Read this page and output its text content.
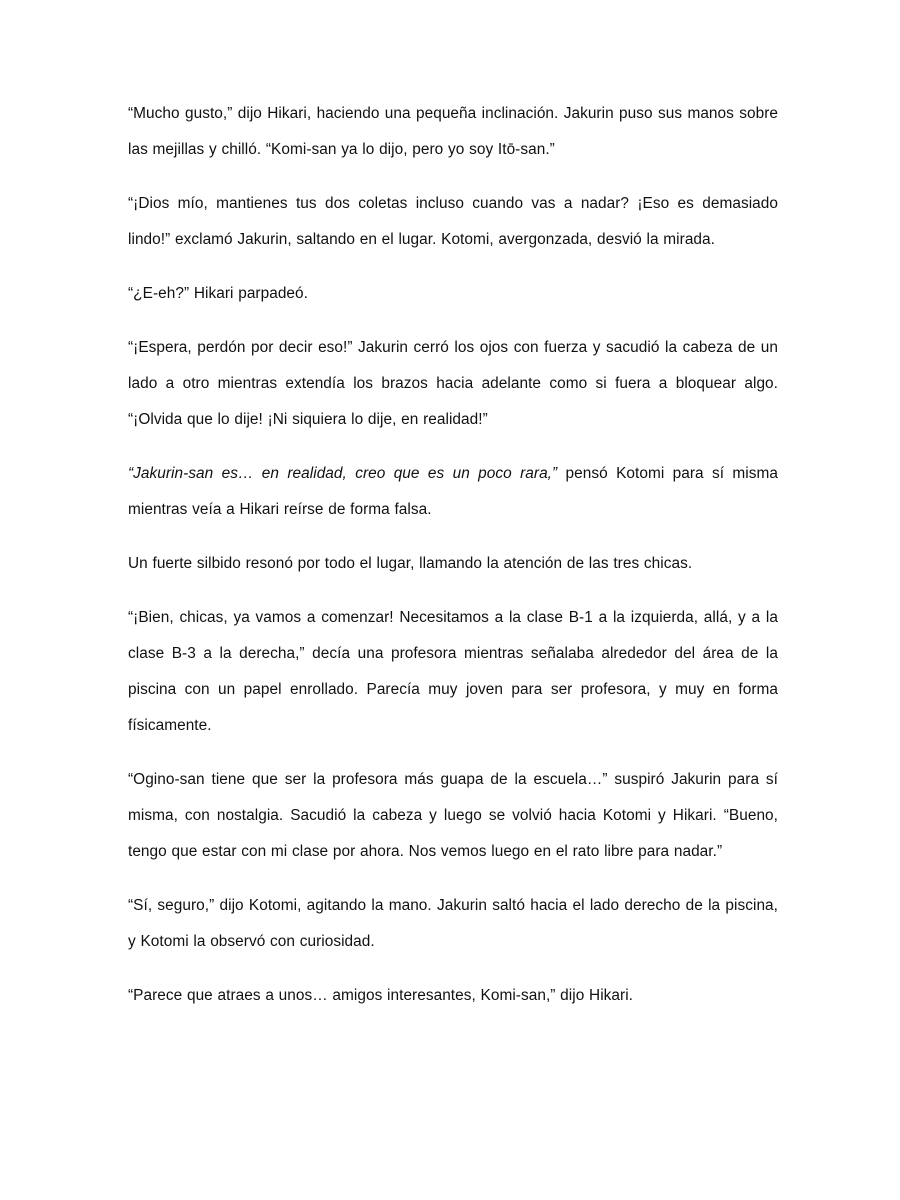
“Mucho gusto,” dijo Hikari, haciendo una pequeña inclinación. Jakurin puso sus manos sobre las mejillas y chilló. “Komi-san ya lo dijo, pero yo soy Itō-san.”

“¡Dios mío, mantienes tus dos coletas incluso cuando vas a nadar? ¡Eso es demasiado lindo!” exclamó Jakurin, saltando en el lugar. Kotomi, avergonzada, desvió la mirada.

“¿E-eh?” Hikari parpadeó.

“¡Espera, perdón por decir eso!” Jakurin cerró los ojos con fuerza y sacudió la cabeza de un lado a otro mientras extendía los brazos hacia adelante como si fuera a bloquear algo. “¡Olvida que lo dije! ¡Ni siquiera lo dije, en realidad!”

“Jakurin-san es… en realidad, creo que es un poco rara,” pensó Kotomi para sí misma mientras veía a Hikari reírse de forma falsa.

Un fuerte silbido resonó por todo el lugar, llamando la atención de las tres chicas.

“¡Bien, chicas, ya vamos a comenzar! Necesitamos a la clase B-1 a la izquierda, allá, y a la clase B-3 a la derecha,” decía una profesora mientras señalaba alrededor del área de la piscina con un papel enrollado. Parecía muy joven para ser profesora, y muy en forma físicamente.

“Ogino-san tiene que ser la profesora más guapa de la escuela…” suspiró Jakurin para sí misma, con nostalgia. Sacudió la cabeza y luego se volvió hacia Kotomi y Hikari. “Bueno, tengo que estar con mi clase por ahora. Nos vemos luego en el rato libre para nadar.”

“Sí, seguro,” dijo Kotomi, agitando la mano. Jakurin saltó hacia el lado derecho de la piscina, y Kotomi la observó con curiosidad.

“Parece que atraes a unos… amigos interesantes, Komi-san,” dijo Hikari.
